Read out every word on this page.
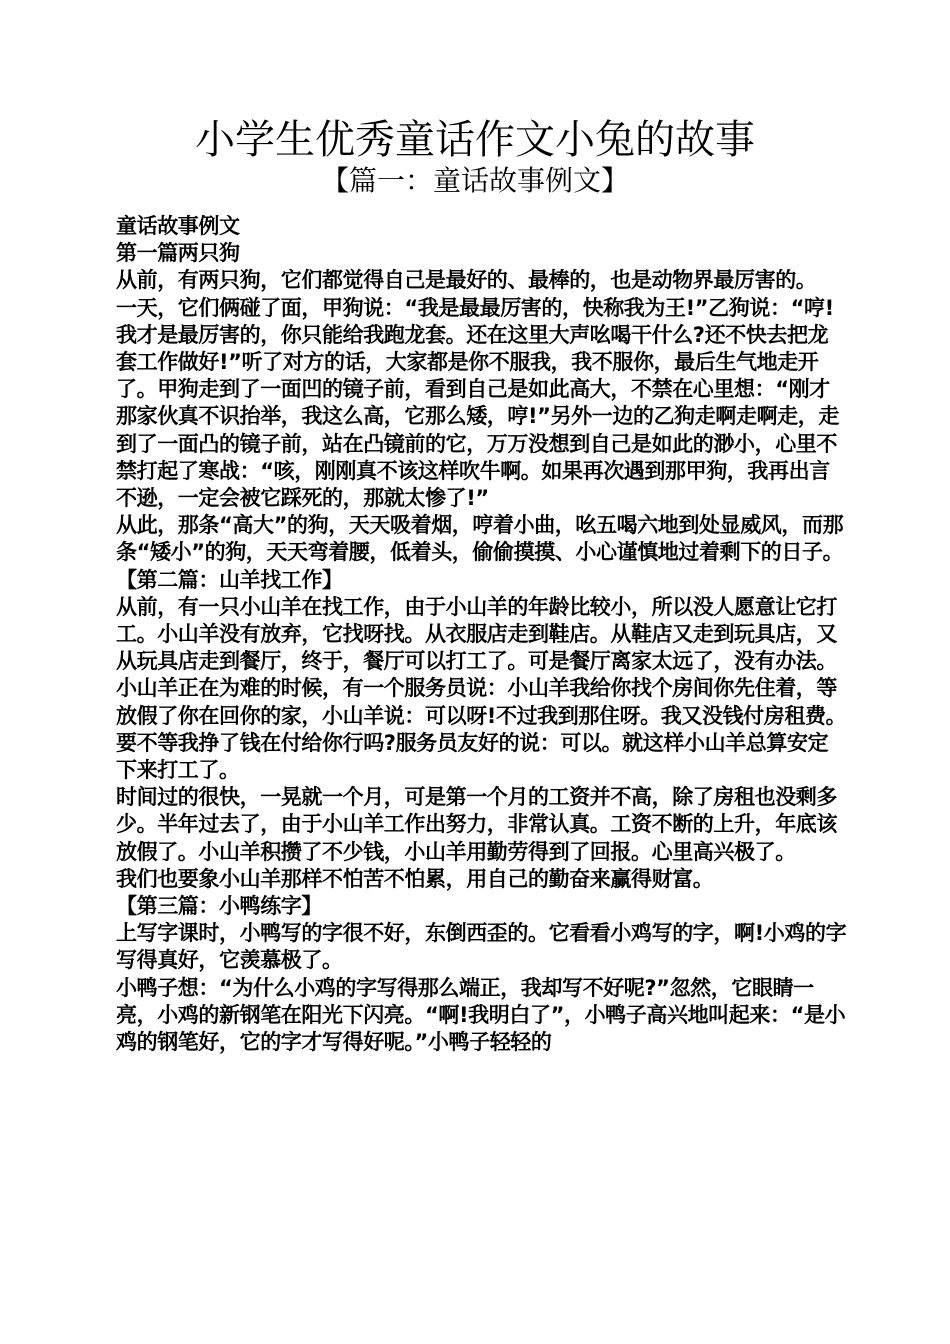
小学生优秀童话作文小兔的故事
【篇一：童话故事例文】

童话故事例文

第一篇两只狗

从前，有两只狗，它们都觉得自己是最好的、最棒的，也是动物界最厉害的。

一天，它们俩碰了面，甲狗说：“我是最最厉害的，快称我为王!”乙狗说：“哼!我才是最厉害的，你只能给我跑龙套。还在这里大声吆喝干什么?还不快去把龙套工作做好!”听了对方的话，大家都是你不服我，我不服你，最后生气地走开了。甲狗走到了一面凹的镜子前，看到自己是如此高大，不禁在心里想：“刚才那家伙真不识抬举，我这么高，它那么矮，哼!”另外一边的乙狗走啊走啊走，走到了一面凸的镜子前，站在凸镜前的它，万万没想到自己是如此的渺小，心里不禁打起了寒战：“咳，刚刚真不该这样吹牛啊。如果再次遇到那甲狗，我再出言不逊，一定会被它踩死的，那就太惨了!”

从此，那条“高大”的狗，天天吸着烟，哼着小曲，吆五喝六地到处显威风，而那条“矮小”的狗，天天弯着腰，低着头，偷偷摸摸、小心谨慎地过着剩下的日子。

【第二篇：山羊找工作】

从前，有一只小山羊在找工作，由于小山羊的年龄比较小，所以没人愿意让它打工。小山羊没有放弃，它找呀找。从衣服店走到鞋店。从鞋店又走到玩具店，又从玩具店走到餐厅，终于，餐厅可以打工了。可是餐厅离家太远了，没有办法。小山羊正在为难的时候，有一个服务员说：小山羊我给你找个房间你先住着，等放假了你在回你的家，小山羊说：可以呀!不过我到那住呀。我又没钱付房租费。要不等我挣了钱在付给你行吗?服务员友好的说：可以。就这样小山羊总算安定下来打工了。

时间过的很快，一晃就一个月，可是第一个月的工资并不高，除了房租也没剩多少。半年过去了，由于小山羊工作出努力，非常认真。工资不断的上升，年底该放假了。小山羊积攒了不少钱，小山羊用勤劳得到了回报。心里高兴极了。

我们也要象小山羊那样不怕苦不怕累，用自己的勤奋来赢得财富。

【第三篇：小鸭练字】

上写字课时，小鸭写的字很不好，东倒西歪的。它看看小鸡写的字，啊!小鸡的字写得真好，它羡慕极了。

小鸭子想：“为什么小鸡的字写得那么端正，我却写不好呢?”忽然，它眼睛一亮，小鸡的新钢笔在阳光下闪亮。“啊!我明白了”，小鸭子高兴地叫起来：“是小鸡的钢笔好，它的字才写得好呢。”小鸭子轻轻的
